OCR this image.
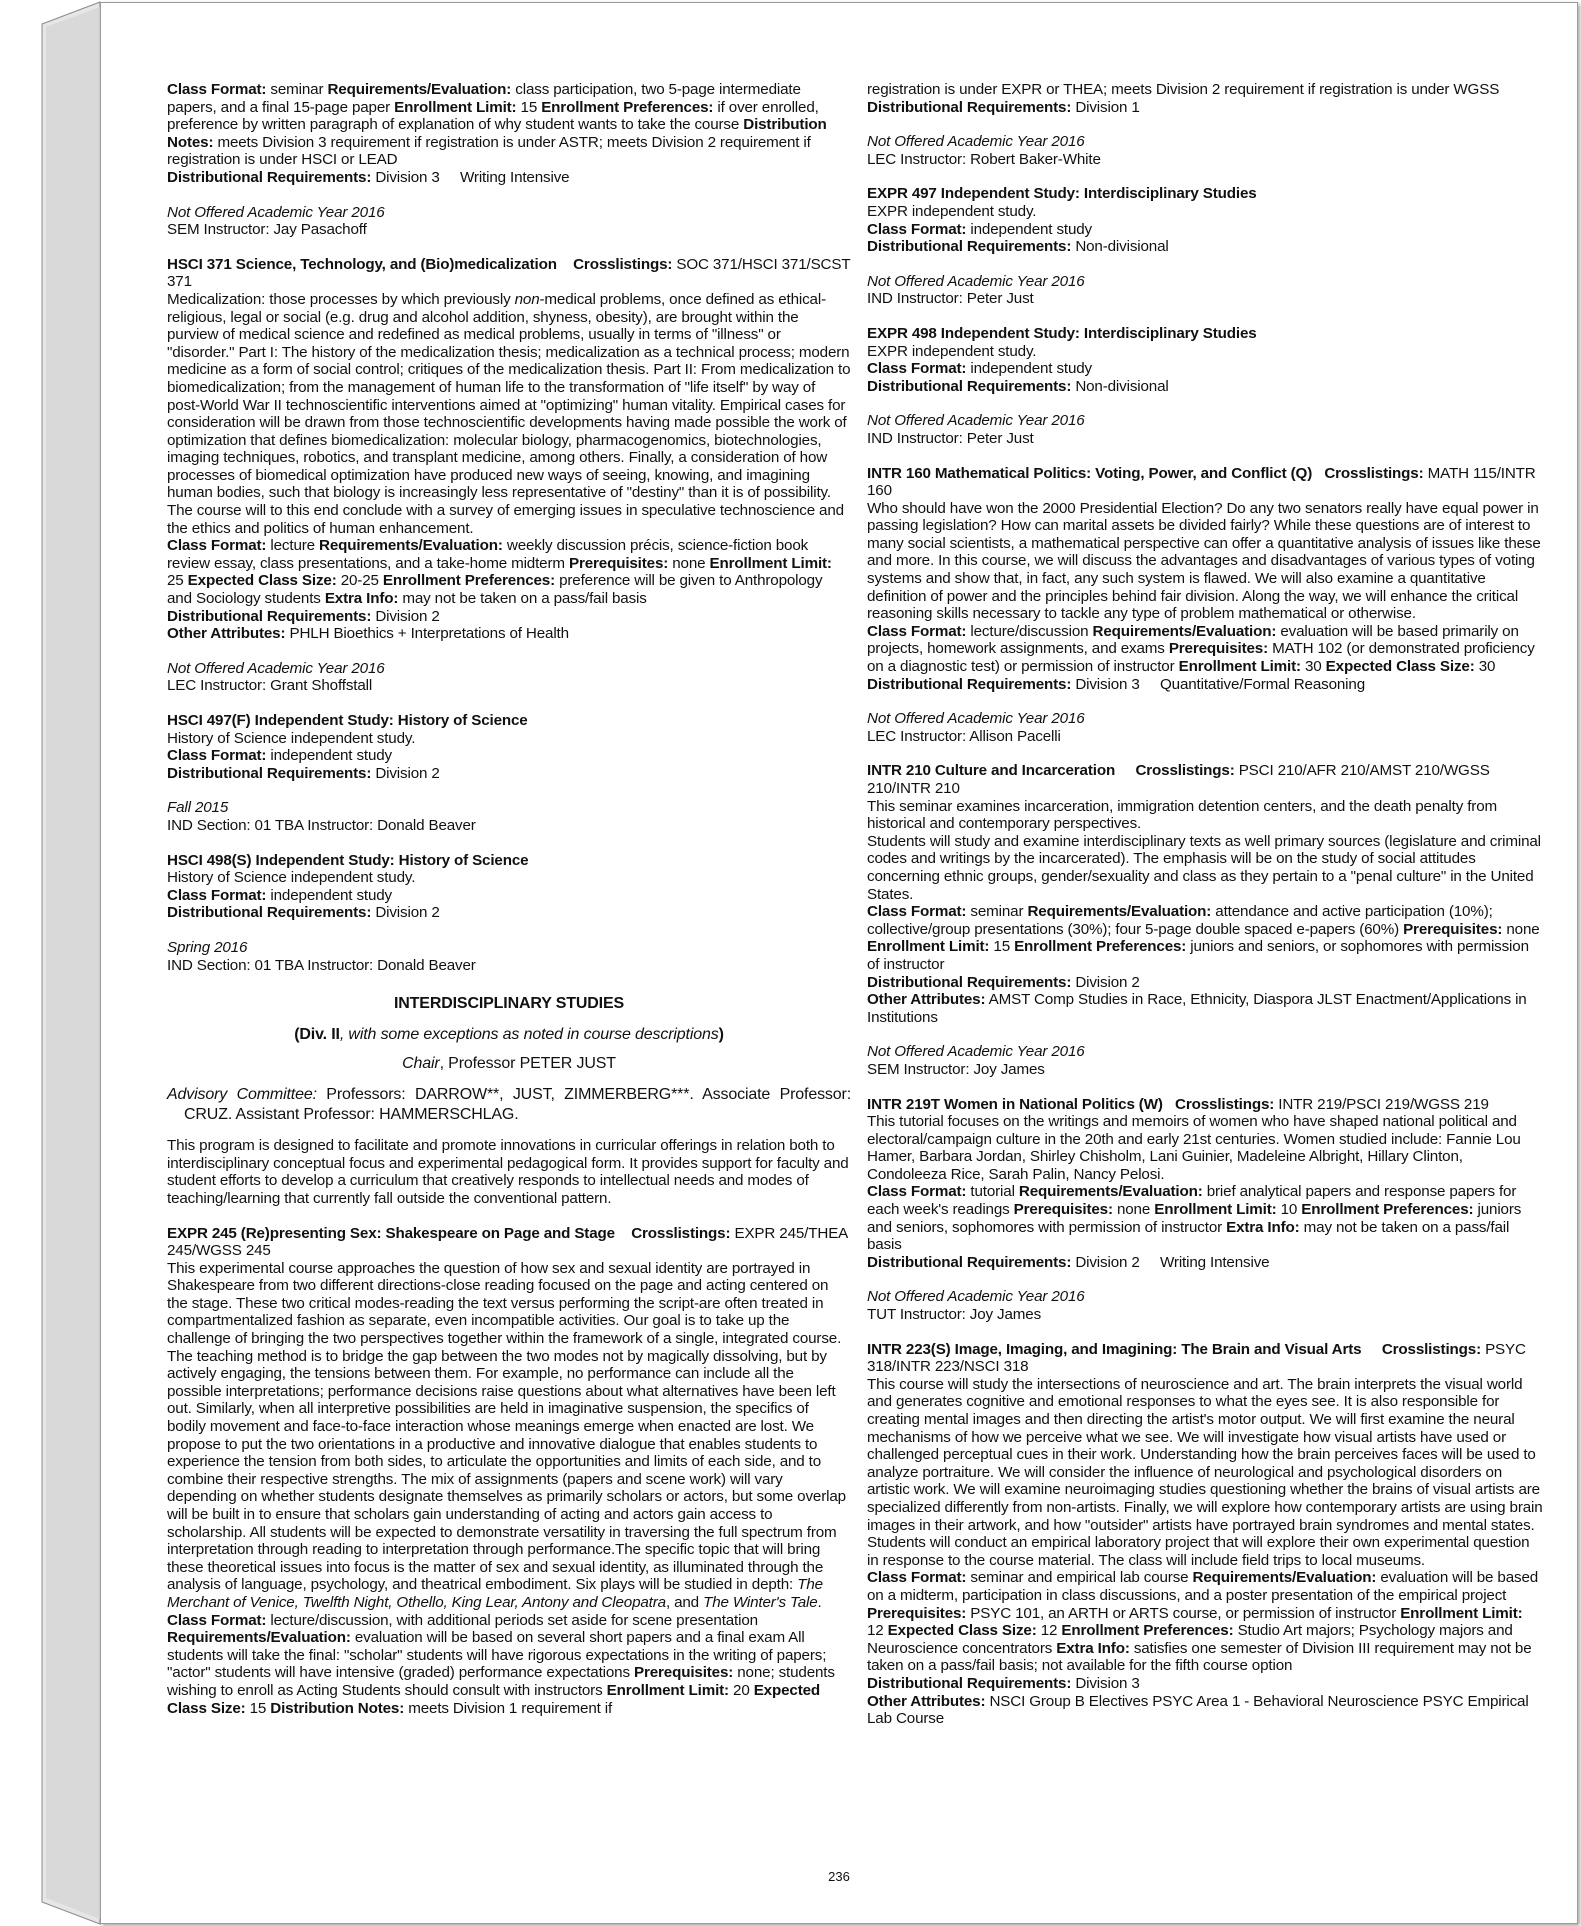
Class Format: seminar Requirements/Evaluation: class participation, two 5-page intermediate papers, and a final 15-page paper Enrollment Limit: 15 Enrollment Preferences: if over enrolled, preference by written paragraph of explanation of why student wants to take the course Distribution Notes: meets Division 3 requirement if registration is under ASTR; meets Division 2 requirement if registration is under HSCI or LEAD

Distributional Requirements: Division 3     Writing Intensive

Not Offered Academic Year 2016

SEM Instructor: Jay Pasachoff

HSCI 371 Science, Technology, and (Bio)medicalization Crosslistings: SOC 371/HSCI 371/SCST 371

Medicalization: those processes by which previously non-medical problems, once defined as ethical-religious, legal or social (e.g. drug and alcohol addition, shyness, obesity), are brought within the purview of medical science and redefined as medical problems, usually in terms of "illness" or "disorder." Part I: The history of the medicalization thesis; medicalization as a technical process; modern medicine as a form of social control; critiques of the medicalization thesis. Part II: From medicalization to biomedicalization; from the management of human life to the transformation of "life itself" by way of post-World War II technoscientific interventions aimed at "optimizing" human vitality. Empirical cases for consideration will be drawn from those technoscientific developments having made possible the work of optimization that defines biomedicalization: molecular biology, pharmacogenomics, biotechnologies, imaging techniques, robotics, and transplant medicine, among others. Finally, a consideration of how processes of biomedical optimization have produced new ways of seeing, knowing, and imagining human bodies, such that biology is increasingly less representative of "destiny" than it is of possibility. The course will to this end conclude with a survey of emerging issues in speculative technoscience and the ethics and politics of human enhancement.

Class Format: lecture Requirements/Evaluation: weekly discussion précis, science-fiction book review essay, class presentations, and a take-home midterm Prerequisites: none Enrollment Limit: 25 Expected Class Size: 20-25 Enrollment Preferences: preference will be given to Anthropology and Sociology students Extra Info: may not be taken on a pass/fail basis

Distributional Requirements: Division 2

Other Attributes: PHLH Bioethics + Interpretations of Health

Not Offered Academic Year 2016

LEC Instructor: Grant Shoffstall

HSCI 497(F) Independent Study: History of Science

History of Science independent study.

Class Format: independent study

Distributional Requirements: Division 2

Fall 2015

IND Section: 01 TBA Instructor: Donald Beaver

HSCI 498(S) Independent Study: History of Science

History of Science independent study.

Class Format: independent study

Distributional Requirements: Division 2

Spring 2016

IND Section: 01 TBA Instructor: Donald Beaver

INTERDISCIPLINARY STUDIES

(Div. II, with some exceptions as noted in course descriptions)

Chair, Professor PETER JUST

Advisory Committee: Professors: DARROW**, JUST, ZIMMERBERG***. Associate Professor: CRUZ. Assistant Professor: HAMMERSCHLAG.

This program is designed to facilitate and promote innovations in curricular offerings in relation both to interdisciplinary conceptual focus and experimental pedagogical form. It provides support for faculty and student efforts to develop a curriculum that creatively responds to intellectual needs and modes of teaching/learning that currently fall outside the conventional pattern.

EXPR 245 (Re)presenting Sex: Shakespeare on Page and Stage Crosslistings: EXPR 245/THEA 245/WGSS 245

This experimental course approaches the question of how sex and sexual identity are portrayed in Shakespeare from two different directions-close reading focused on the page and acting centered on the stage. These two critical modes-reading the text versus performing the script-are often treated in compartmentalized fashion as separate, even incompatible activities. Our goal is to take up the challenge of bringing the two perspectives together within the framework of a single, integrated course. The teaching method is to bridge the gap between the two modes not by magically dissolving, but by actively engaging, the tensions between them. For example, no performance can include all the possible interpretations; performance decisions raise questions about what alternatives have been left out. Similarly, when all interpretive possibilities are held in imaginative suspension, the specifics of bodily movement and face-to-face interaction whose meanings emerge when enacted are lost. We propose to put the two orientations in a productive and innovative dialogue that enables students to experience the tension from both sides, to articulate the opportunities and limits of each side, and to combine their respective strengths. The mix of assignments (papers and scene work) will vary depending on whether students designate themselves as primarily scholars or actors, but some overlap will be built in to ensure that scholars gain understanding of acting and actors gain access to scholarship. All students will be expected to demonstrate versatility in traversing the full spectrum from interpretation through reading to interpretation through performance.The specific topic that will bring these theoretical issues into focus is the matter of sex and sexual identity, as illuminated through the analysis of language, psychology, and theatrical embodiment. Six plays will be studied in depth: The Merchant of Venice, Twelfth Night, Othello, King Lear, Antony and Cleopatra, and The Winter's Tale.

Class Format: lecture/discussion, with additional periods set aside for scene presentation

Requirements/Evaluation: evaluation will be based on several short papers and a final exam All students will take the final: "scholar" students will have rigorous expectations in the writing of papers; "actor" students will have intensive (graded) performance expectations Prerequisites: none; students wishing to enroll as Acting Students should consult with instructors Enrollment Limit: 20 Expected Class Size: 15 Distribution Notes: meets Division 1 requirement if

registration is under EXPR or THEA; meets Division 2 requirement if registration is under WGSS

Distributional Requirements: Division 1

Not Offered Academic Year 2016

LEC Instructor: Robert Baker-White

EXPR 497 Independent Study: Interdisciplinary Studies

EXPR independent study.

Class Format: independent study

Distributional Requirements: Non-divisional

Not Offered Academic Year 2016

IND Instructor: Peter Just

EXPR 498 Independent Study: Interdisciplinary Studies

EXPR independent study.

Class Format: independent study

Distributional Requirements: Non-divisional

Not Offered Academic Year 2016

IND Instructor: Peter Just

INTR 160 Mathematical Politics: Voting, Power, and Conflict (Q) Crosslistings: MATH 115/INTR 160

Who should have won the 2000 Presidential Election? Do any two senators really have equal power in passing legislation? How can marital assets be divided fairly? While these questions are of interest to many social scientists, a mathematical perspective can offer a quantitative analysis of issues like these and more. In this course, we will discuss the advantages and disadvantages of various types of voting systems and show that, in fact, any such system is flawed. We will also examine a quantitative definition of power and the principles behind fair division. Along the way, we will enhance the critical reasoning skills necessary to tackle any type of problem mathematical or otherwise.

Class Format: lecture/discussion Requirements/Evaluation: evaluation will be based primarily on projects, homework assignments, and exams Prerequisites: MATH 102 (or demonstrated proficiency on a diagnostic test) or permission of instructor Enrollment Limit: 30 Expected Class Size: 30

Distributional Requirements: Division 3     Quantitative/Formal Reasoning

Not Offered Academic Year 2016

LEC Instructor: Allison Pacelli

INTR 210 Culture and Incarceration Crosslistings: PSCI 210/AFR 210/AMST 210/WGSS 210/INTR 210

This seminar examines incarceration, immigration detention centers, and the death penalty from historical and contemporary perspectives.

Students will study and examine interdisciplinary texts as well primary sources (legislature and criminal codes and writings by the incarcerated). The emphasis will be on the study of social attitudes concerning ethnic groups, gender/sexuality and class as they pertain to a "penal culture" in the United States.

Class Format: seminar Requirements/Evaluation: attendance and active participation (10%); collective/group presentations (30%); four 5-page double spaced e-papers (60%) Prerequisites: none Enrollment Limit: 15 Enrollment Preferences: juniors and seniors, or sophomores with permission of instructor

Distributional Requirements: Division 2

Other Attributes: AMST Comp Studies in Race, Ethnicity, Diaspora JLST Enactment/Applications in Institutions

Not Offered Academic Year 2016

SEM Instructor: Joy James

INTR 219T Women in National Politics (W) Crosslistings: INTR 219/PSCI 219/WGSS 219

This tutorial focuses on the writings and memoirs of women who have shaped national political and electoral/campaign culture in the 20th and early 21st centuries. Women studied include: Fannie Lou Hamer, Barbara Jordan, Shirley Chisholm, Lani Guinier, Madeleine Albright, Hillary Clinton, Condoleeza Rice, Sarah Palin, Nancy Pelosi.

Class Format: tutorial Requirements/Evaluation: brief analytical papers and response papers for each week's readings Prerequisites: none Enrollment Limit: 10 Enrollment Preferences: juniors and seniors, sophomores with permission of instructor Extra Info: may not be taken on a pass/fail basis

Distributional Requirements: Division 2     Writing Intensive

Not Offered Academic Year 2016

TUT Instructor: Joy James

INTR 223(S) Image, Imaging, and Imagining: The Brain and Visual Arts Crosslistings: PSYC 318/INTR 223/NSCI 318

This course will study the intersections of neuroscience and art. The brain interprets the visual world and generates cognitive and emotional responses to what the eyes see. It is also responsible for creating mental images and then directing the artist's motor output. We will first examine the neural mechanisms of how we perceive what we see. We will investigate how visual artists have used or challenged perceptual cues in their work. Understanding how the brain perceives faces will be used to analyze portraiture. We will consider the influence of neurological and psychological disorders on artistic work. We will examine neuroimaging studies questioning whether the brains of visual artists are specialized differently from non-artists. Finally, we will explore how contemporary artists are using brain images in their artwork, and how "outsider" artists have portrayed brain syndromes and mental states. Students will conduct an empirical laboratory project that will explore their own experimental question in response to the course material. The class will include field trips to local museums.

Class Format: seminar and empirical lab course Requirements/Evaluation: evaluation will be based on a midterm, participation in class discussions, and a poster presentation of the empirical project Prerequisites: PSYC 101, an ARTH or ARTS course, or permission of instructor Enrollment Limit: 12 Expected Class Size: 12 Enrollment Preferences: Studio Art majors; Psychology majors and Neuroscience concentrators Extra Info: satisfies one semester of Division III requirement may not be taken on a pass/fail basis; not available for the fifth course option

Distributional Requirements: Division 3

Other Attributes: NSCI Group B Electives PSYC Area 1 - Behavioral Neuroscience PSYC Empirical Lab Course

236
